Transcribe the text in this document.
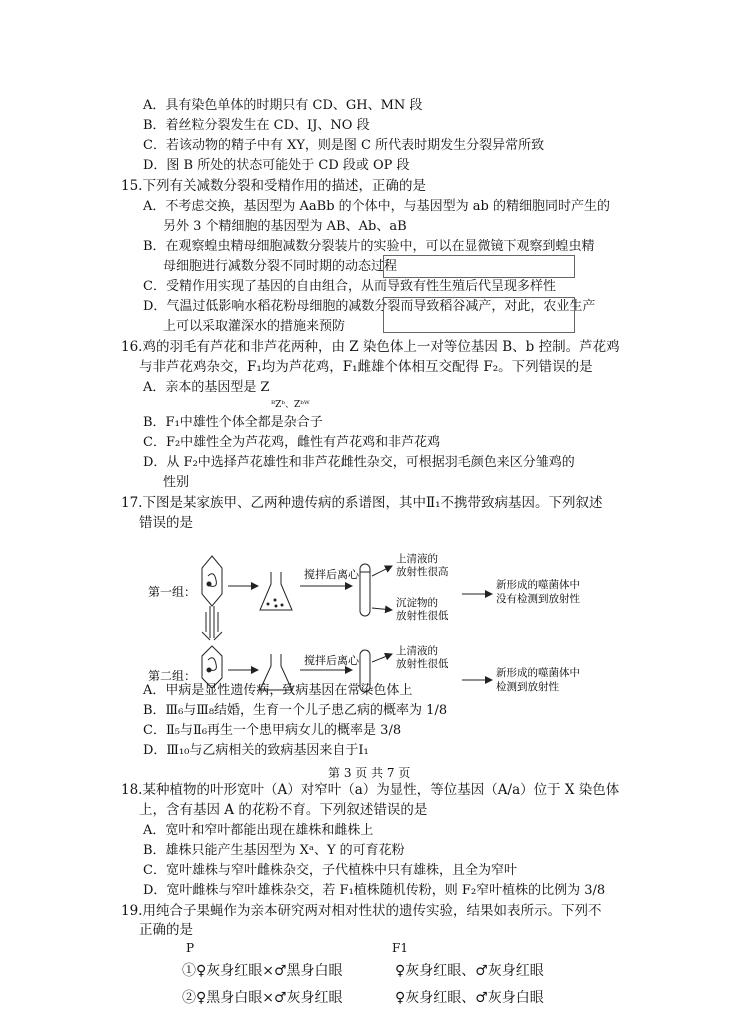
A．具有染色单体的时期只有 CD、GH、MN 段
B．着丝粒分裂发生在 CD、IJ、NO 段
C．若该动物的精子中有 XY，则是图 C 所代表时期发生分裂异常所致
D．图 B 所处的状态可能处于 CD 段或 OP 段
15.下列有关减数分裂和受精作用的描述，正确的是
A．不考虑交换，基因型为 AaBb 的个体中，与基因型为 ab 的精细胞同时产生的
另外 3 个精细胞的基因型为 AB、Ab、aB
B．在观察蝗虫精母细胞减数分裂装片的实验中，可以在显微镜下观察到蝗虫精
母细胞进行减数分裂不同时期的动态过程
C．受精作用实现了基因的自由组合，从而导致有性生殖后代呈现多样性
D．气温过低影响水稻花粉母细胞的减数分裂而导致稻谷减产，对此，农业生产
上可以采取灌深水的措施来预防
16.鸡的羽毛有芦花和非芦花两种，由 Z 染色体上一对等位基因 B、b 控制。芦花鸡
与非芦花鸡杂交，F₁均为芦花鸡，F₁雌雄个体相互交配得 F₂。下列错误的是
A．亲本的基因型是 Z
ᴮZᵇ、Zᵇᵂ
B．F₁中雄性个体全都是杂合子
C．F₂中雄性全为芦花鸡，雌性有芦花鸡和非芦花鸡
D．从 F₂中选择芦花雄性和非芦花雌性杂交，可根据羽毛颜色来区分雏鸡的
性别
17.下图是某家族甲、乙两种遗传病的系谱图，其中Ⅱ₁不携带致病基因。下列叙述
错误的是
第一组：
搅拌后离心
上清液的
放射性很高
沉淀物的
放射性很低
新形成的噬菌体中
没有检测到放射性
第二组：
搅拌后离心
上清液的
放射性很低
新形成的噬菌体中
检测到放射性
A．甲病是显性遗传病，致病基因在常染色体上
B．Ⅲ₆与Ⅲ₈结婚，生育一个儿子患乙病的概率为 1/8
C．Ⅱ₅与Ⅱ₆再生一个患甲病女儿的概率是 3/8
D．Ⅲ₁₀与乙病相关的致病基因来自于Ⅰ₁
第 3 页 共 7 页
18.某种植物的叶形宽叶（A）对窄叶（a）为显性，等位基因（A/a）位于 X 染色体
上，含有基因 A 的花粉不育。下列叙述错误的是
A．宽叶和窄叶都能出现在雄株和雌株上
B．雄株只能产生基因型为 Xᵃ、Y 的可育花粉
C．宽叶雄株与窄叶雌株杂交，子代植株中只有雄株，且全为窄叶
D．宽叶雌株与窄叶雄株杂交，若 F₁植株随机传粉，则 F₂窄叶植株的比例为 3/8
19.用纯合子果蝇作为亲本研究两对相对性状的遗传实验，结果如表所示。下列不
正确的是
P	F1
①♀灰身红眼×♂黑身白眼	♀灰身红眼、♂灰身红眼
②♀黑身白眼×♂灰身红眼	♀灰身红眼、♂灰身白眼
